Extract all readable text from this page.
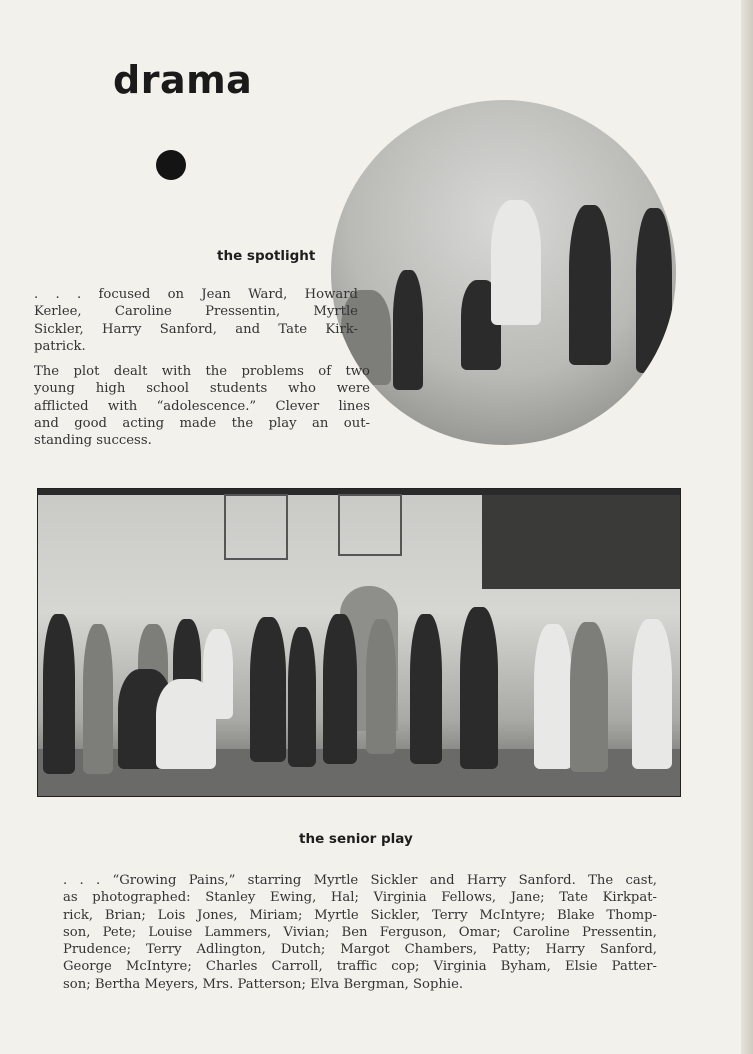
drama
the spotlight
. . . focused on Jean Ward, Howard
Kerlee, Caroline Pressentin, Myrtle
Sickler, Harry Sanford, and Tate Kirk-
patrick.
The plot dealt with the problems of two
young high school students who were
afflicted with “adolescence.” Clever lines
and good acting made the play an out-
standing success.
the senior play
. . . “Growing Pains,” starring Myrtle Sickler and Harry Sanford. The cast,
as photographed: Stanley Ewing, Hal; Virginia Fellows, Jane; Tate Kirkpat-
rick, Brian; Lois Jones, Miriam; Myrtle Sickler, Terry McIntyre; Blake Thomp-
son, Pete; Louise Lammers, Vivian; Ben Ferguson, Omar; Caroline Pressentin,
Prudence; Terry Adlington, Dutch; Margot Chambers, Patty; Harry Sanford,
George McIntyre; Charles Carroll, traffic cop; Virginia Byham, Elsie Patter-
son; Bertha Meyers, Mrs. Patterson; Elva Bergman, Sophie.
